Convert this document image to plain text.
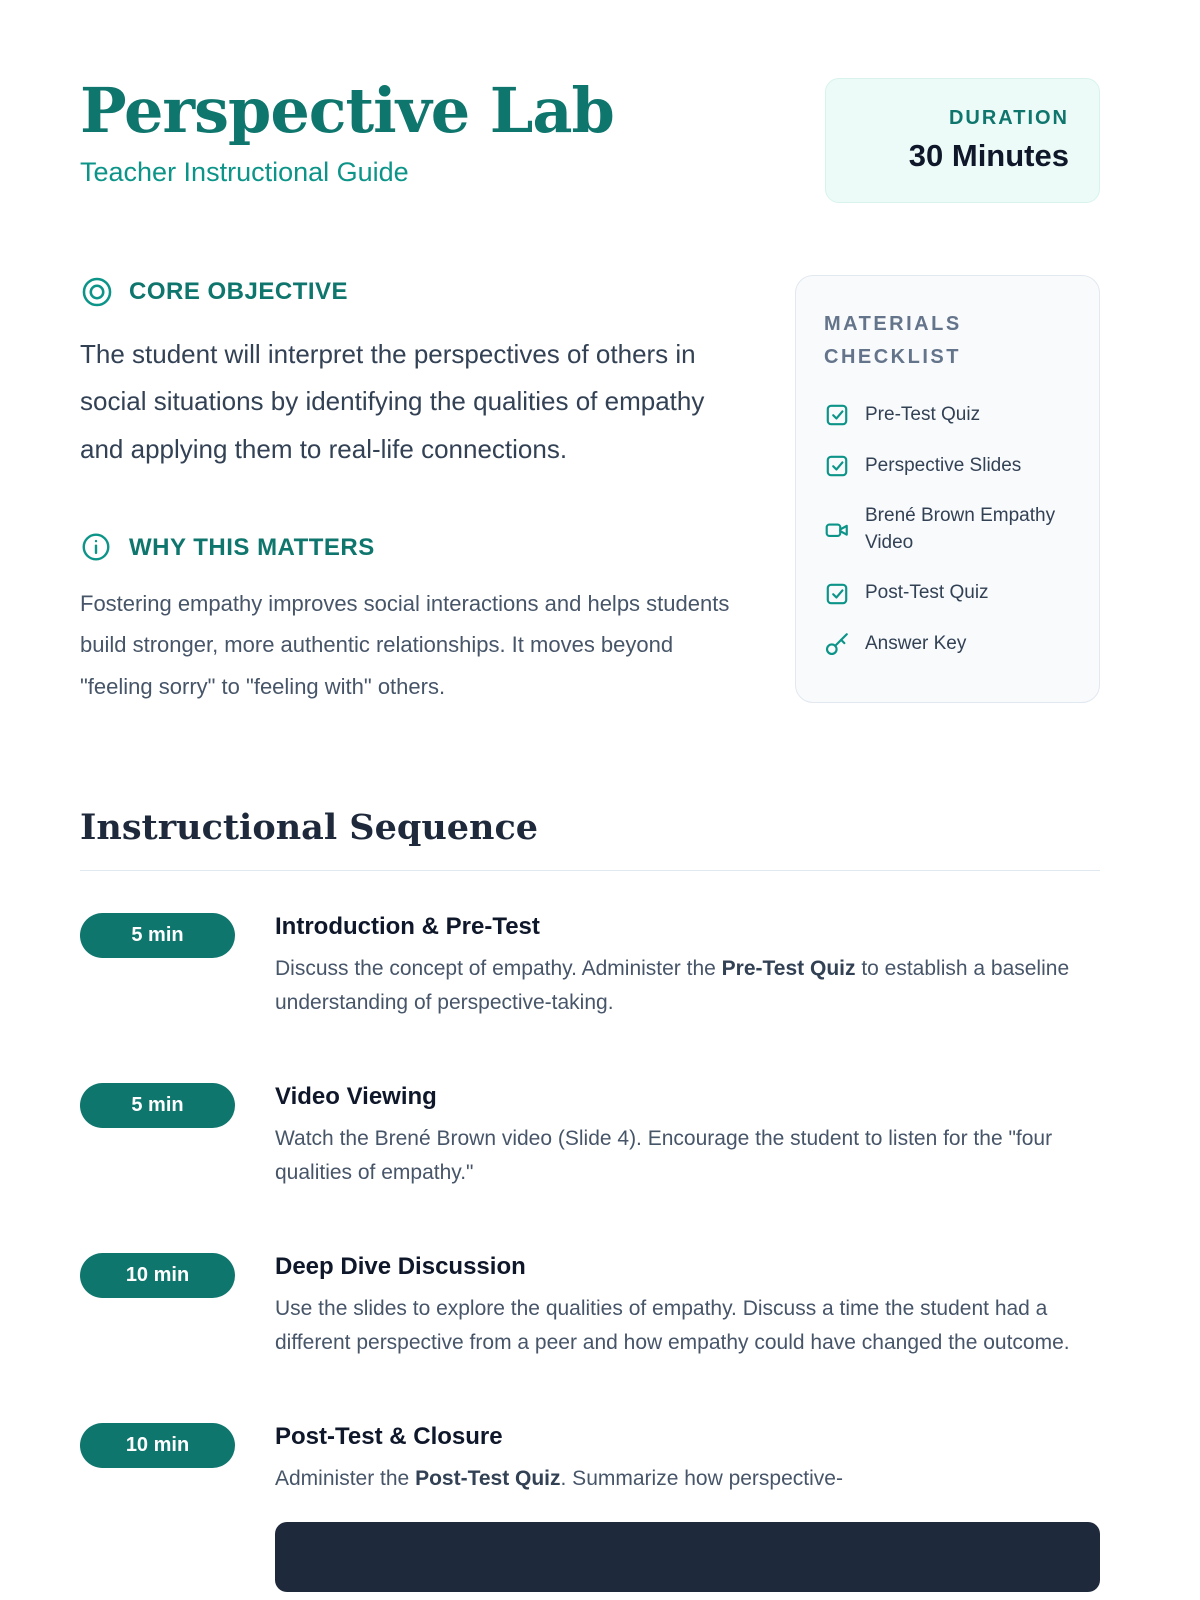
Perspective Lab
Teacher Instructional Guide
DURATION
30 Minutes
CORE OBJECTIVE

The student will interpret the perspectives of others in social situations by identifying the qualities of empathy and applying them to real-life connections.

WHY THIS MATTERS

Fostering empathy improves social interactions and helps students build stronger, more authentic relationships. It moves beyond "feeling sorry" to "feeling with" others.

MATERIALS CHECKLIST
Pre-Test Quiz
Perspective Slides
Brené Brown Empathy Video
Post-Test Quiz
Answer Key
Instructional Sequence
5 min	Introduction & Pre-Test

Discuss the concept of empathy. Administer the Pre-Test Quiz to establish a baseline understanding of perspective-taking.

5 min	Video Viewing

Watch the Brené Brown video (Slide 4). Encourage the student to listen for the "four qualities of empathy."

10 min	Deep Dive Discussion

Use the slides to explore the qualities of empathy. Discuss a time the student had a different perspective from a peer and how empathy could have changed the outcome.

10 min	Post-Test & Closure

Administer the Post-Test Quiz. Summarize how perspective-
